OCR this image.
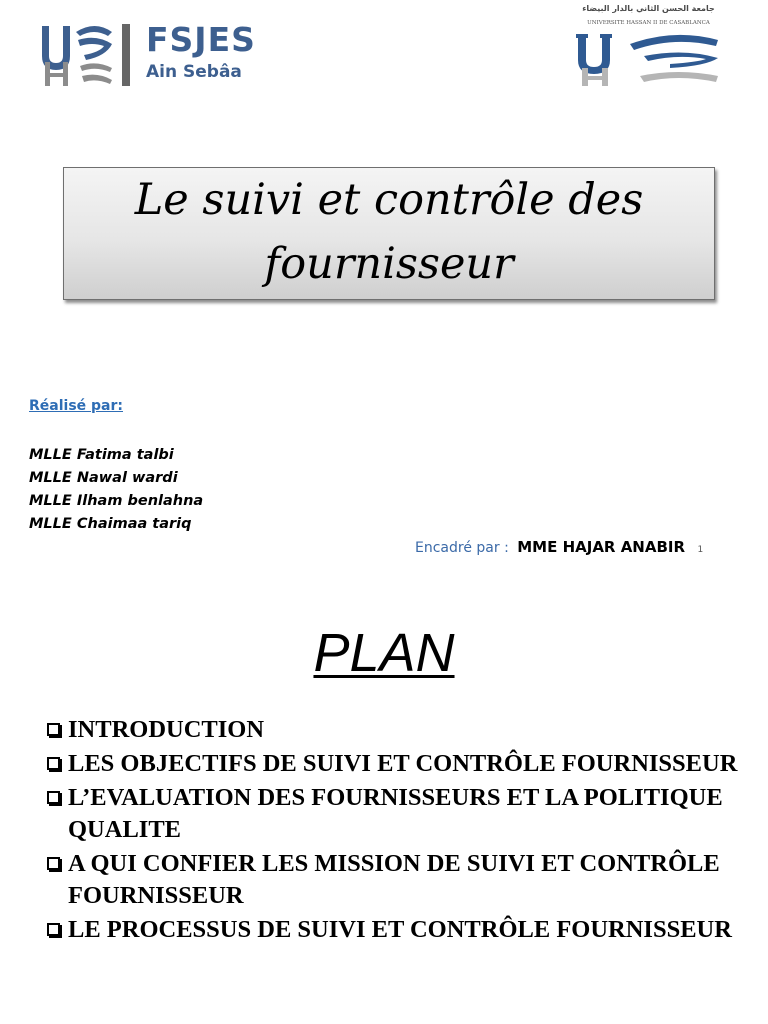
FSJES
Ain Sebâa
جامعة الحسن الثاني بالدار البيضاء
UNIVERSITÉ HASSAN II DE CASABLANCA
Le suivi et contrôle des fournisseur
Réalisé par:
MLLE Fatima talbi
MLLE Nawal wardi
MLLE Ilham benlahna
MLLE Chaimaa tariq
Encadré par : MME HAJAR ANABIR 1
PLAN
INTRODUCTION
LES OBJECTIFS DE SUIVI ET CONTRÔLE FOURNISSEUR
L’EVALUATION DES FOURNISSEURS ET LA POLITIQUE QUALITE
A QUI CONFIER LES MISSION DE SUIVI ET CONTRÔLE FOURNISSEUR
LE PROCESSUS DE SUIVI ET CONTRÔLE FOURNISSEUR
